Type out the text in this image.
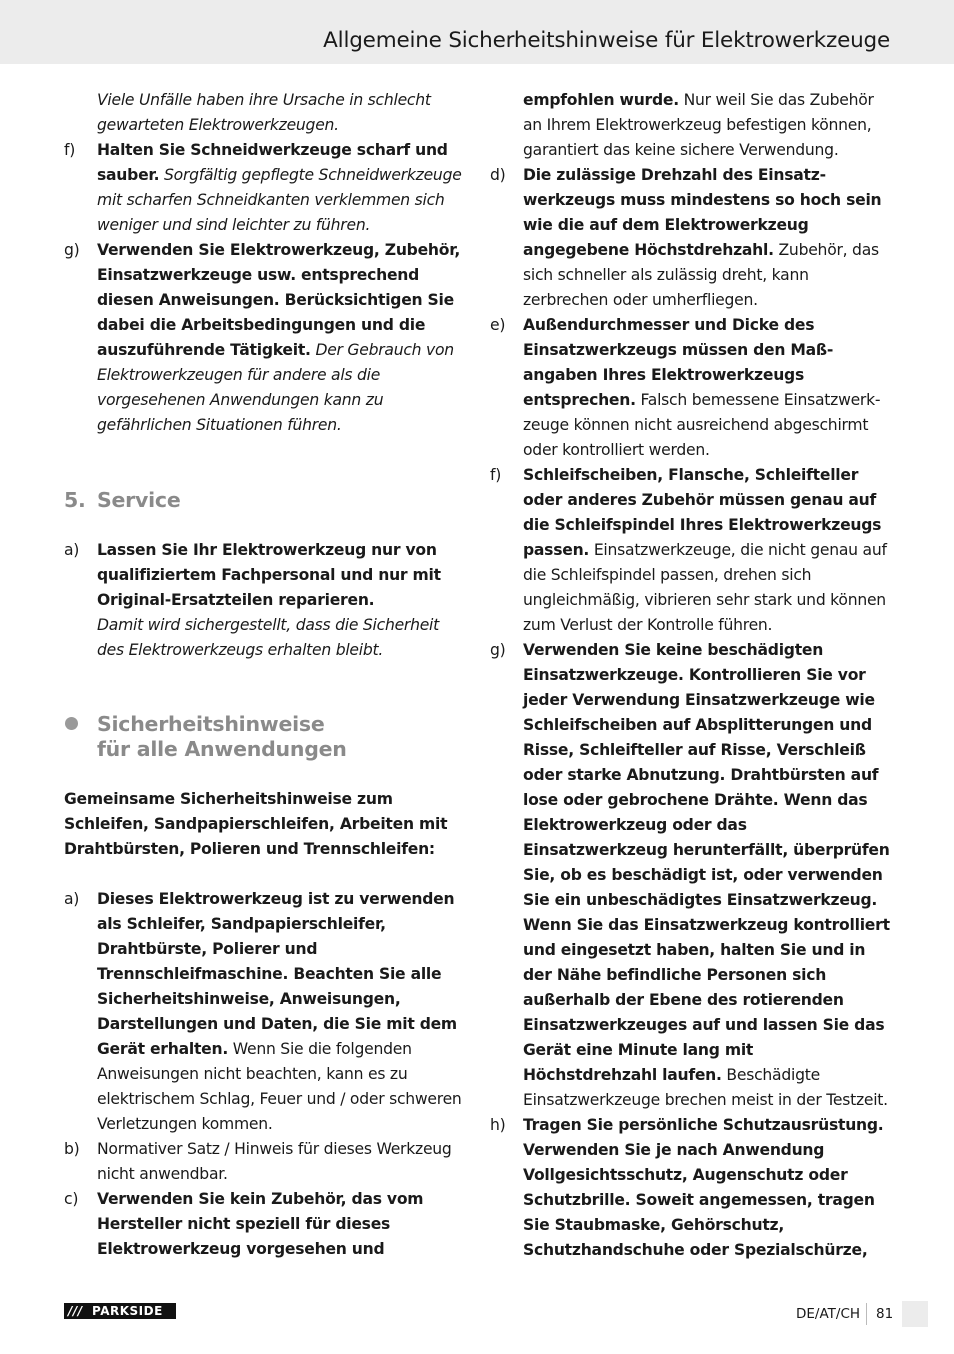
Allgemeine Sicherheitshinweise für Elektrowerkzeuge
Viele Unfälle haben ihre Ursache in schlecht gewarteten Elektrowerkzeugen.
f) Halten Sie Schneidwerkzeuge scharf und sauber. Sorgfältig gepflegte Schneidwerkzeuge mit scharfen Schneidkanten verklemmen sich weniger und sind leichter zu führen.
g) Verwenden Sie Elektrowerkzeug, Zubehör, Einsatzwerkzeuge usw. entsprechend diesen Anweisungen. Berücksichtigen Sie dabei die Arbeitsbedingungen und die auszuführende Tätigkeit. Der Gebrauch von Elektrowerkzeugen für andere als die vorgesehenen Anwendungen kann zu gefährlichen Situationen führen.
5. Service
a) Lassen Sie Ihr Elektrowerkzeug nur von qualifiziertem Fachpersonal und nur mit Original-Ersatzteilen reparieren.
Damit wird sichergestellt, dass die Sicherheit des Elektrowerkzeugs erhalten bleibt.
Sicherheitshinweise
für alle Anwendungen
Gemeinsame Sicherheitshinweise zum Schleifen, Sandpapierschleifen, Arbeiten mit Drahtbürsten, Polieren und Trennschleifen:
a) Dieses Elektrowerkzeug ist zu verwenden als Schleifer, Sandpapierschleifer, Drahtbürste, Polierer und Trennschleifmaschine. Beachten Sie alle Sicherheitshinweise, Anweisungen, Darstellungen und Daten, die Sie mit dem Gerät erhalten. Wenn Sie die folgenden Anweisungen nicht beachten, kann es zu elektrischem Schlag, Feuer und / oder schweren Verletzungen kommen.
b) Normativer Satz / Hinweis für dieses Werkzeug nicht anwendbar.
c) Verwenden Sie kein Zubehör, das vom Hersteller nicht speziell für dieses Elektrowerkzeug vorgesehen und
empfohlen wurde. Nur weil Sie das Zubehör an Ihrem Elektrowerkzeug befestigen können, garantiert das keine sichere Verwendung.
d) Die zulässige Drehzahl des Einsatzwerkzeugs muss mindestens so hoch sein wie die auf dem Elektrowerkzeug angegebene Höchstdrehzahl. Zubehör, das sich schneller als zulässig dreht, kann zerbrechen oder umherfliegen.
e) Außendurchmesser und Dicke des Einsatzwerkzeugs müssen den Maßangaben Ihres Elektrowerkzeugs entsprechen. Falsch bemessene Einsatzwerkzeuge können nicht ausreichend abgeschirmt oder kontrolliert werden.
f) Schleifscheiben, Flansche, Schleifteller oder anderes Zubehör müssen genau auf die Schleifspindel Ihres Elektrowerkzeugs passen. Einsatzwerkzeuge, die nicht genau auf die Schleifspindel passen, drehen sich ungleichmäßig, vibrieren sehr stark und können zum Verlust der Kontrolle führen.
g) Verwenden Sie keine beschädigten Einsatzwerkzeuge. Kontrollieren Sie vor jeder Verwendung Einsatzwerkzeuge wie Schleifscheiben auf Absplitterungen und Risse, Schleifteller auf Risse, Verschleiß oder starke Abnutzung. Drahtbürsten auf lose oder gebrochene Drähte. Wenn das Elektrowerkzeug oder das Einsatzwerkzeug herunterfällt, überprüfen Sie, ob es beschädigt ist, oder verwenden Sie ein unbeschädigtes Einsatzwerkzeug. Wenn Sie das Einsatzwerkzeug kontrolliert und eingesetzt haben, halten Sie und in der Nähe befindliche Personen sich außerhalb der Ebene des rotierenden Einsatzwerkzeuges auf und lassen Sie das Gerät eine Minute lang mit Höchstdrehzahl laufen. Beschädigte Einsatzwerkzeuge brechen meist in der Testzeit.
h) Tragen Sie persönliche Schutzausrüstung. Verwenden Sie je nach Anwendung Vollgesichtsschutz, Augenschutz oder Schutzbrille. Soweit angemessen, tragen Sie Staubmaske, Gehörschutz, Schutzhandschuhe oder Spezialschürze,
/// PARKSIDE	DE/AT/CH 81
